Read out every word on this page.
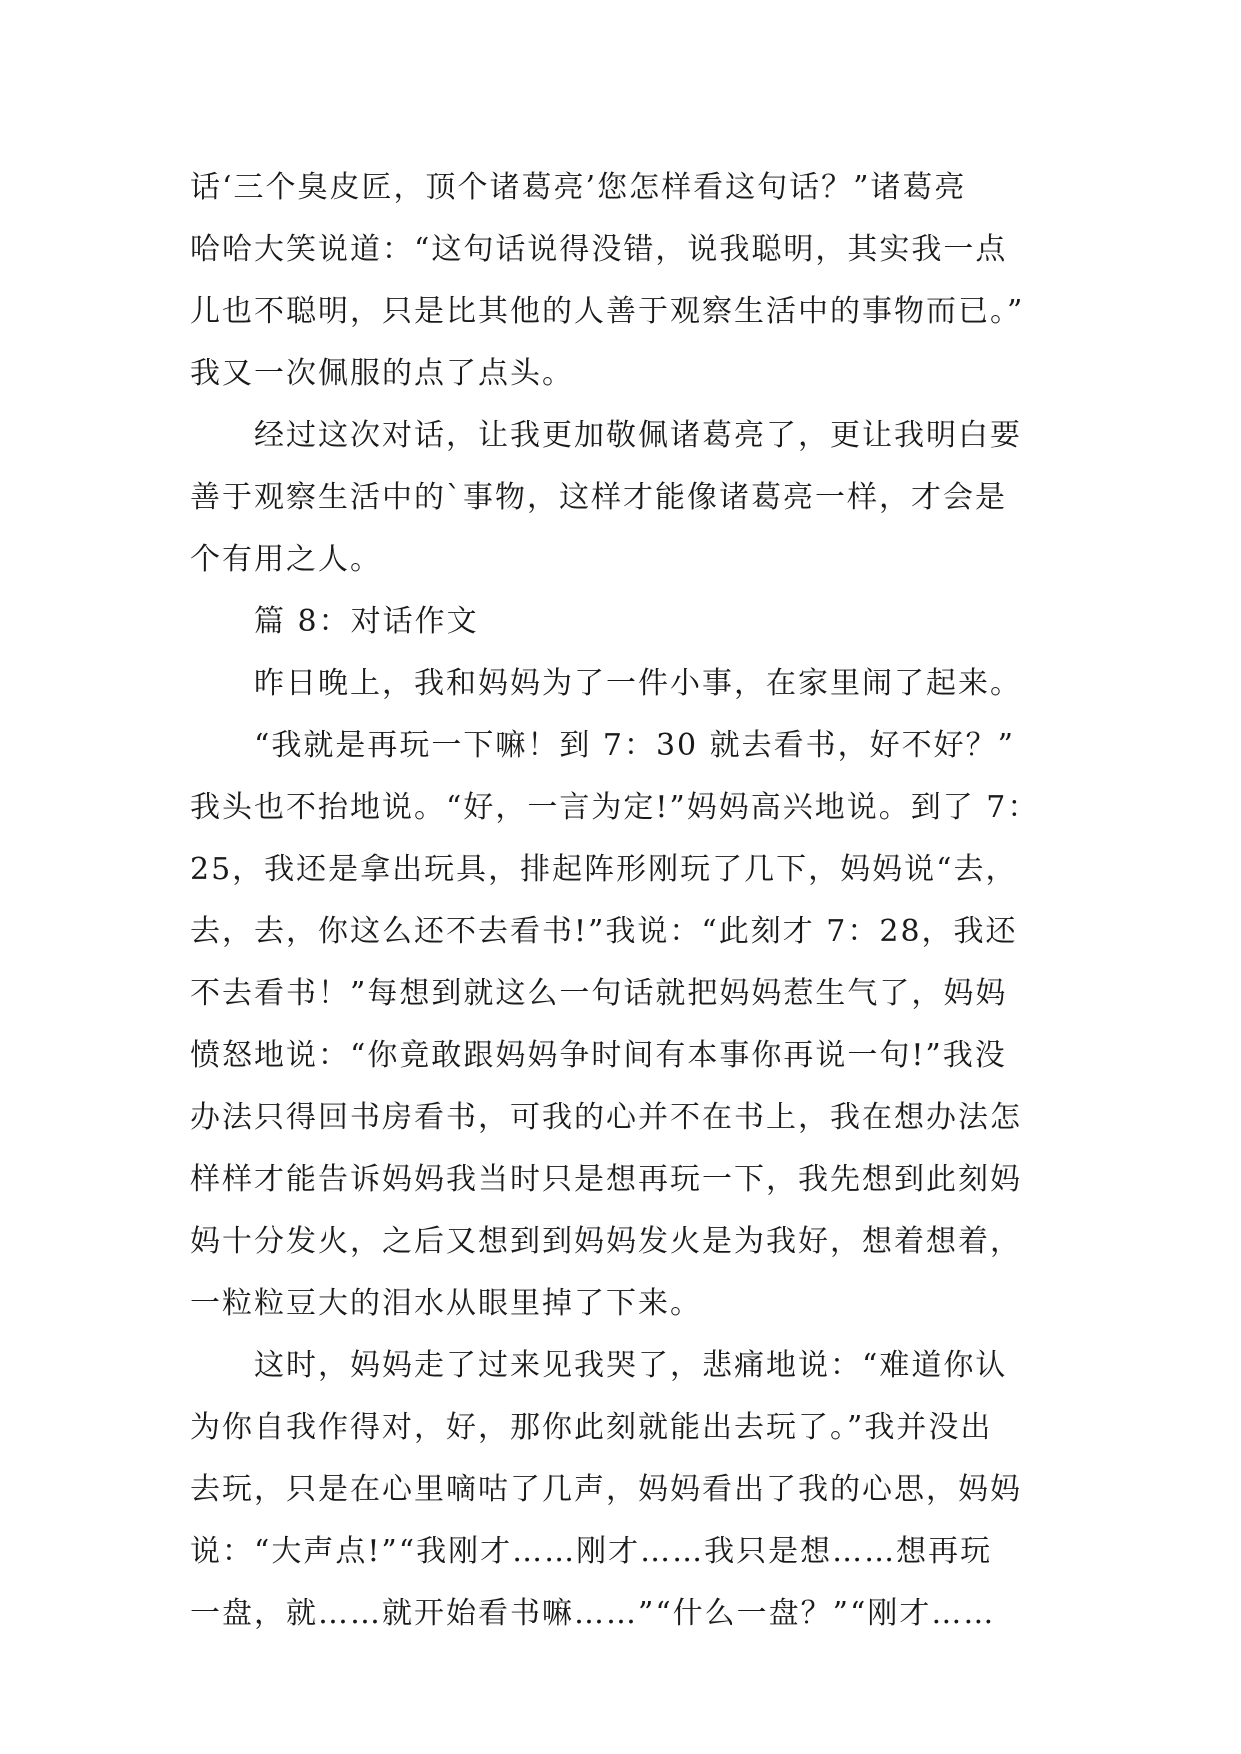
话‘三个臭皮匠，顶个诸葛亮’您怎样看这句话？”诸葛亮
哈哈大笑说道：“这句话说得没错，说我聪明，其实我一点
儿也不聪明，只是比其他的人善于观察生活中的事物而已。”
我又一次佩服的点了点头。
经过这次对话，让我更加敬佩诸葛亮了，更让我明白要
善于观察生活中的`事物，这样才能像诸葛亮一样，才会是
个有用之人。
篇 8：对话作文
昨日晚上，我和妈妈为了一件小事，在家里闹了起来。
“我就是再玩一下嘛！到 7：30 就去看书，好不好？”
我头也不抬地说。“好，一言为定!”妈妈高兴地说。到了 7：
25，我还是拿出玩具，排起阵形刚玩了几下，妈妈说“去，
去，去，你这么还不去看书!”我说：“此刻才 7：28，我还
不去看书！”每想到就这么一句话就把妈妈惹生气了，妈妈
愤怒地说：“你竟敢跟妈妈争时间有本事你再说一句!”我没
办法只得回书房看书，可我的心并不在书上，我在想办法怎
样样才能告诉妈妈我当时只是想再玩一下，我先想到此刻妈
妈十分发火，之后又想到到妈妈发火是为我好，想着想着，
一粒粒豆大的泪水从眼里掉了下来。
这时，妈妈走了过来见我哭了，悲痛地说：“难道你认
为你自我作得对，好，那你此刻就能出去玩了。”我并没出
去玩，只是在心里嘀咕了几声，妈妈看出了我的心思，妈妈
说：“大声点!”“我刚才……刚才……我只是想……想再玩
一盘，就……就开始看书嘛……”“什么一盘？”“刚才……
